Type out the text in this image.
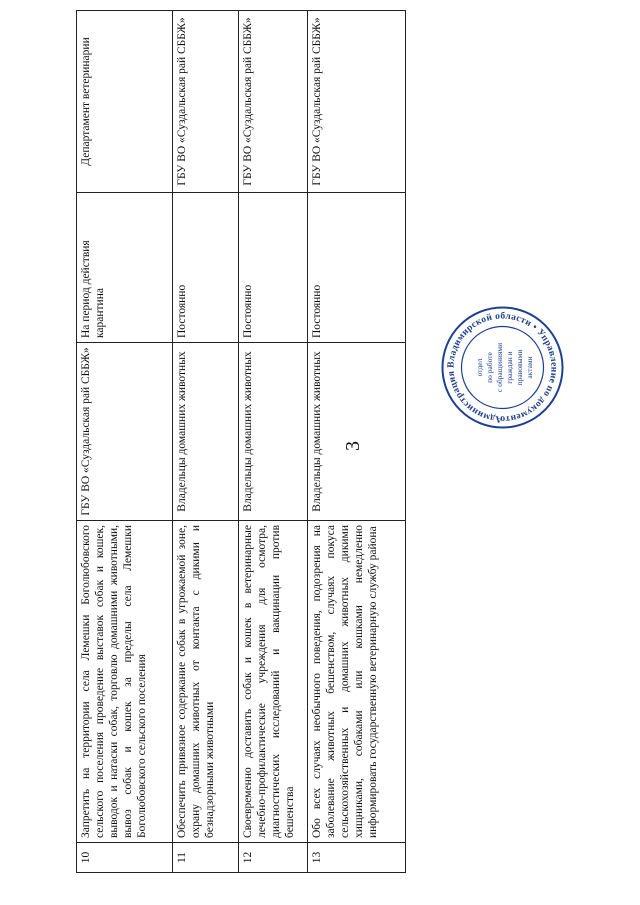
3
10	Запретить на территории села Лемешки Боголюбовского сельского поселения проведение выставок собак и кошек, выводок и натаски собак, торговлю домашними животными, вывоз собак и кошек за пределы села Лемешки Боголюбовского сельского поселения	ГБУ ВО «Суздальская рай СББЖ»	На период действия карантина	Департамент ветеринарии
11	Обеспечить привязное содержание собак в угрожаемой зоне, охрану домашних животных от контакта с дикими и безнадзорными животными	Владельцы домашних животных	Постоянно	ГБУ ВО «Суздальская рай СББЖ»
12	Своевременно доставить собак и кошек в ветеринарные лечебно-профилактические учреждения для осмотра, диагностических исследований и вакцинации против бешенства	Владельцы домашних животных	Постоянно	ГБУ ВО «Суздальская рай СББЖ»
13	Обо всех случаях необычного поведения, подозрения на заболевание животных бешенством, случаях покуса сельскохозяйственных и домашних животных дикими хищниками, собаками или кошками немедленно информировать государственную ветеринарную службу района	Владельцы домашних животных	Постоянно	ГБУ ВО «Суздальская рай СББЖ»
Администрация Владимирской области • Управление по документо
отдел по работе с обращениями граждан и правовыми актами
